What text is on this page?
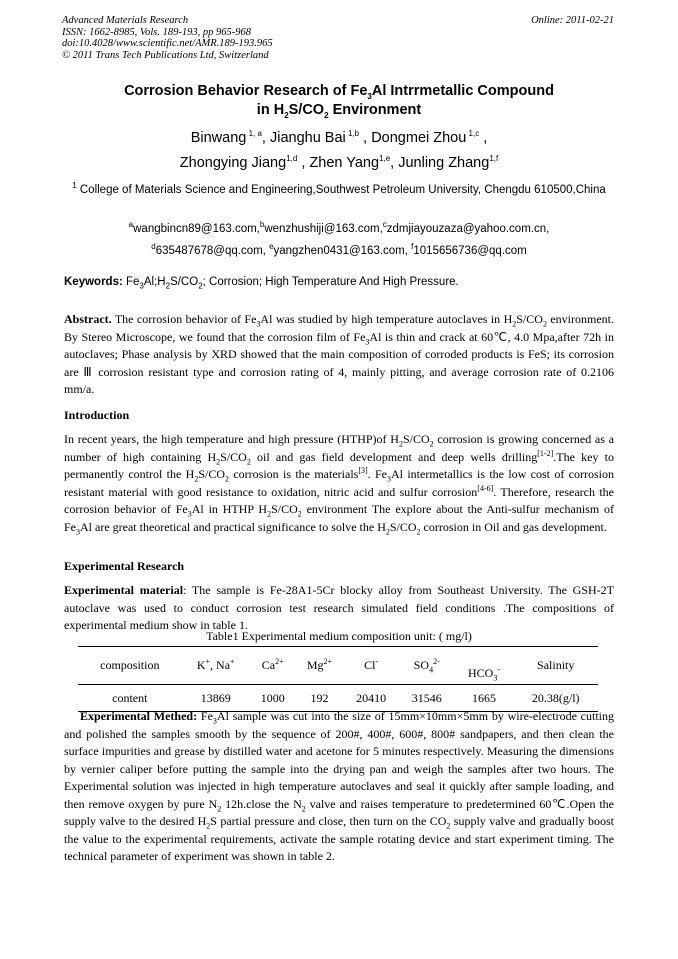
Advanced Materials Research
ISSN: 1662-8985, Vols. 189-193, pp 965-968
doi:10.4028/www.scientific.net/AMR.189-193.965
© 2011 Trans Tech Publications Ltd, Switzerland
Online: 2011-02-21
Corrosion Behavior Research of $Fe_3Al$ Intrrmetallic Compound
in $H_2S/CO_2$ Environment
Binwang $^{1, a}$, Jianghu Bai $^{1,b}$ , Dongmei Zhou $^{1,c}$ ,
Zhongying Jiang$^{1,d}$ , Zhen Yang$^{1,e}$, Junling Zhang$^{1,f}$
$^1$ College of Materials Science and Engineering,Southwest Petroleum University, Chengdu 610500,China
$^a$wangbincn89@163.com,$^b$wenzhushiji@163.com,$^c$zdmjiayouzaza@yahoo.com.cn,
$^d$635487678@qq.com, $^e$yangzhen0431@163.com, $^f$1015656736@qq.com
Keywords: $Fe_3Al;H_2S/CO_2$; Corrosion; High Temperature And High Pressure.
Abstract. The corrosion behavior of $Fe_3Al$ was studied by high temperature autoclaves in $H_2S/CO_2$ environment. By Stereo Microscope, we found that the corrosion film of $Fe_3Al$ is thin and crack at 60℃, 4.0 Mpa,after 72h in autoclaves; Phase analysis by XRD showed that the main composition of corroded products is FeS; its corrosion are Ⅲ corrosion resistant type and corrosion rating of 4, mainly pitting, and average corrosion rate of 0.2106 mm/a.
Introduction
In recent years, the high temperature and high pressure (HTHP)of $H_2S/CO_2$ corrosion is growing concerned as a number of high containing $H_2S/CO_2$ oil and gas field development and deep wells drilling[1-2].The key to permanently control the $H_2S/CO_2$ corrosion is the materials[3]. $Fe_3Al$ intermetallics is the low cost of corrosion resistant material with good resistance to oxidation, nitric acid and sulfur corrosion[4-6]. Therefore, research the corrosion behavior of $Fe_3Al$ in HTHP $H_2S/CO_2$ environment The explore about the Anti-sulfur mechanism of $Fe_3Al$ are great theoretical and practical significance to solve the $H_2S/CO_2$ corrosion in Oil and gas development.
Experimental Research
Experimental material: The sample is Fe-28A1-5Cr blocky alloy from Southeast University. The GSH-2T autoclave was used to conduct corrosion test research simulated field conditions .The compositions of experimental medium show in table 1.
Table1 Experimental medium composition unit: ( mg/l)
composition	K+, Na+	$Ca^{2+}$	$Mg^{2+}$	Cl-	$SO_4^{2-}$	$HCO_3^-$	Salinity
content	13869	1000	192	20410	31546	1665	20.38(g/l)
Experimental Methed: $Fe_3Al$ sample was cut into the size of 15mm×10mm×5mm by wire-electrode cutting and polished the samples smooth by the sequence of 200#, 400#, 600#, 800# sandpapers, and then clean the surface impurities and grease by distilled water and acetone for 5 minutes respectively. Measuring the dimensions by vernier caliper before putting the sample into the drying pan and weigh the samples after two hours. The Experimental solution was injected in high temperature autoclaves and seal it quickly after sample loading, and then remove oxygen by pure $N_2$ 12h.close the $N_2$ valve and raises temperature to predetermined 60℃.Open the supply valve to the desired $H_2S$ partial pressure and close, then turn on the $CO_2$ supply valve and gradually boost the value to the experimental requirements, activate the sample rotating device and start experiment timing. The technical parameter of experiment was shown in table 2.
